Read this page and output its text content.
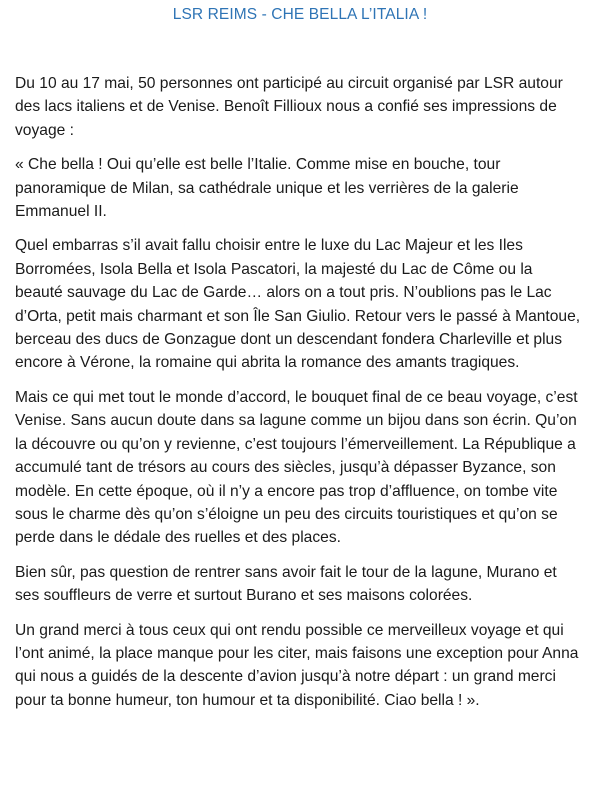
LSR REIMS - CHE BELLA L’ITALIA !

Du 10 au 17 mai, 50 personnes ont participé au circuit organisé par LSR autour des lacs italiens et de Venise. Benoît Fillioux nous a confié ses impressions de voyage :

« Che bella ! Oui qu’elle est belle l’Italie. Comme mise en bouche, tour panoramique de Milan, sa cathédrale unique et les verrières de la galerie Emmanuel II.

Quel embarras s’il avait fallu choisir entre le luxe du Lac Majeur et les Iles Borromées, Isola Bella et Isola Pascatori, la majesté du Lac de Côme ou la beauté sauvage du Lac de Garde… alors on a tout pris. N’oublions pas le Lac d’Orta, petit mais charmant et son Île San Giulio. Retour vers le passé à Mantoue, berceau des ducs de Gonzague dont un descendant fondera Charleville et plus encore à Vérone, la romaine qui abrita la romance des amants tragiques.

Mais ce qui met tout le monde d’accord, le bouquet final de ce beau voyage, c’est Venise. Sans aucun doute dans sa lagune comme un bijou dans son écrin. Qu’on la découvre ou qu’on y revienne, c’est toujours l’émerveillement. La République a accumulé tant de trésors au cours des siècles, jusqu’à dépasser Byzance, son modèle. En cette époque, où il n’y a encore pas trop d’affluence, on tombe vite sous le charme dès qu’on s’éloigne un peu des circuits touristiques et qu’on se perde dans le dédale des ruelles et des places.

Bien sûr, pas question de rentrer sans avoir fait le tour de la lagune, Murano et ses souffleurs de verre et surtout Burano et ses maisons colorées.

Un grand merci à tous ceux qui ont rendu possible ce merveilleux voyage et qui l’ont animé, la place manque pour les citer, mais faisons une exception pour Anna qui nous a guidés de la descente d’avion jusqu’à notre départ : un grand merci pour ta bonne humeur, ton humour et ta disponibilité. Ciao bella ! ».
